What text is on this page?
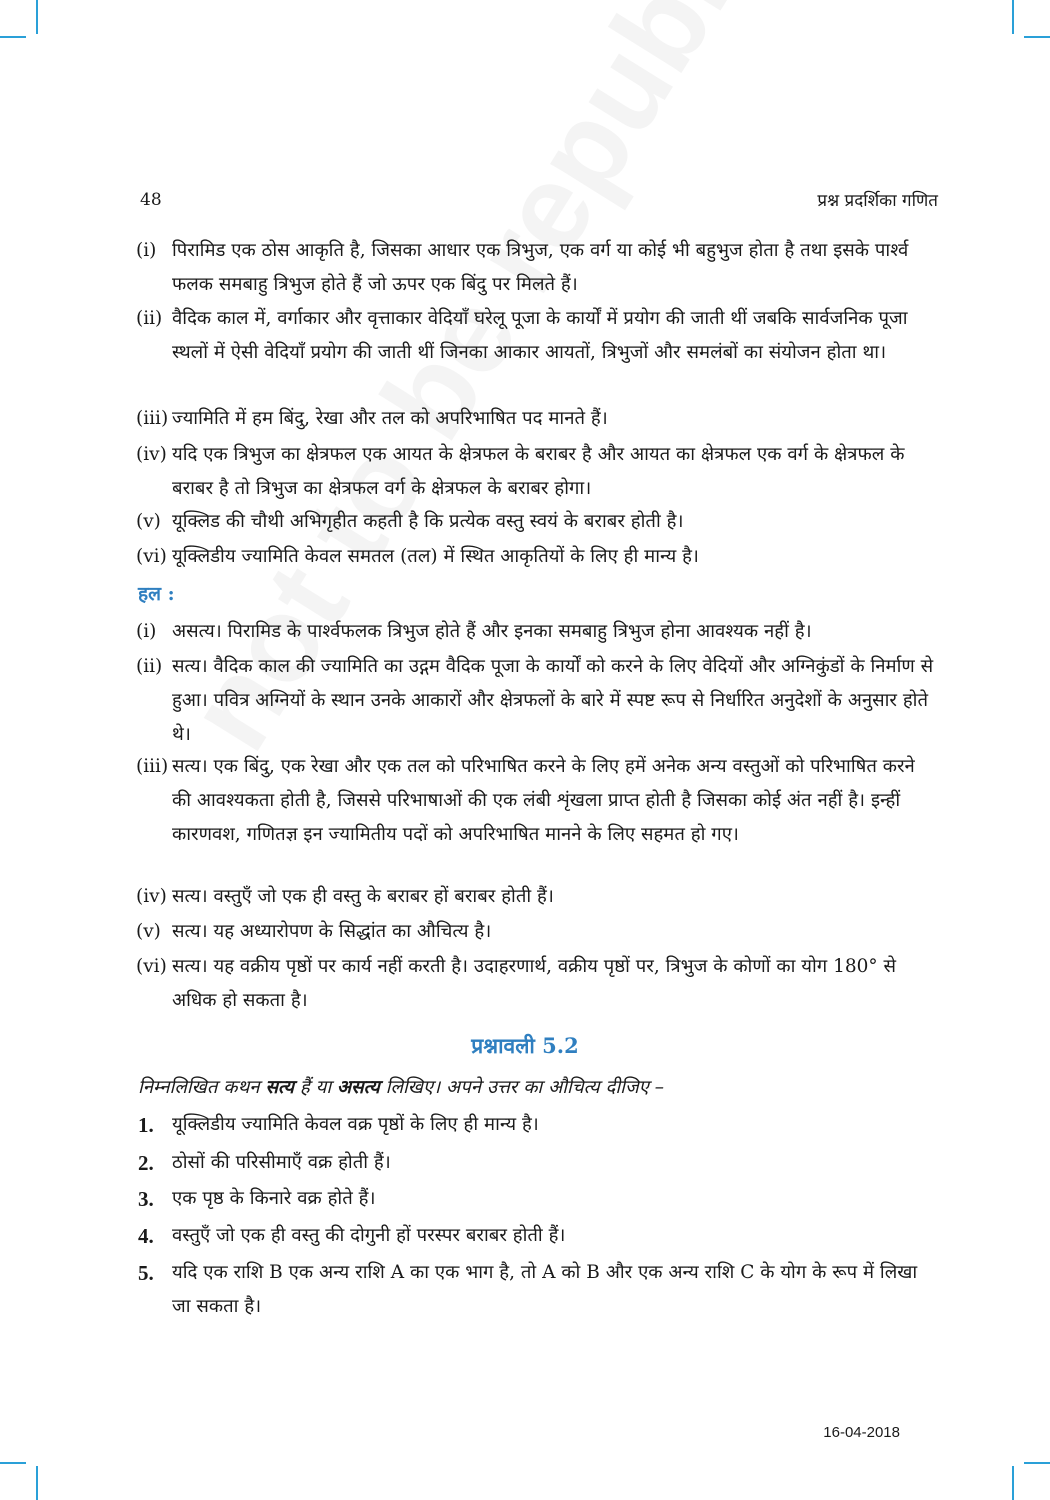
48	प्रश्न प्रदर्शिका गणित
(i) पिरामिड एक ठोस आकृति है, जिसका आधार एक त्रिभुज, एक वर्ग या कोई भी बहुभुज होता है तथा इसके पार्श्व फलक समबाहु त्रिभुज होते हैं जो ऊपर एक बिंदु पर मिलते हैं।
(ii) वैदिक काल में, वर्गाकार और वृत्ताकार वेदियाँ घरेलू पूजा के कार्यों में प्रयोग की जाती थीं जबकि सार्वजनिक पूजा स्थलों में ऐसी वेदियाँ प्रयोग की जाती थीं जिनका आकार आयतों, त्रिभुजों और समलंबों का संयोजन होता था।
(iii) ज्यामिति में हम बिंदु, रेखा और तल को अपरिभाषित पद मानते हैं।
(iv) यदि एक त्रिभुज का क्षेत्रफल एक आयत के क्षेत्रफल के बराबर है और आयत का क्षेत्रफल एक वर्ग के क्षेत्रफल के बराबर है तो त्रिभुज का क्षेत्रफल वर्ग के क्षेत्रफल के बराबर होगा।
(v) यूक्लिड की चौथी अभिगृहीत कहती है कि प्रत्येक वस्तु स्वयं के बराबर होती है।
(vi) यूक्लिडीय ज्यामिति केवल समतल (तल) में स्थित आकृतियों के लिए ही मान्य है।
हल :
(i) असत्य। पिरामिड के पार्श्वफलक त्रिभुज होते हैं और इनका समबाहु त्रिभुज होना आवश्यक नहीं है।
(ii) सत्य। वैदिक काल की ज्यामिति का उद्गम वैदिक पूजा के कार्यों को करने के लिए वेदियों और अग्निकुंडों के निर्माण से हुआ। पवित्र अग्नियों के स्थान उनके आकारों और क्षेत्रफलों के बारे में स्पष्ट रूप से निर्धारित अनुदेशों के अनुसार होते थे।
(iii) सत्य। एक बिंदु, एक रेखा और एक तल को परिभाषित करने के लिए हमें अनेक अन्य वस्तुओं को परिभाषित करने की आवश्यकता होती है, जिससे परिभाषाओं की एक लंबी शृंखला प्राप्त होती है जिसका कोई अंत नहीं है। इन्हीं कारणवश, गणितज्ञ इन ज्यामितीय पदों को अपरिभाषित मानने के लिए सहमत हो गए।
(iv) सत्य। वस्तुएँ जो एक ही वस्तु के बराबर हों बराबर होती हैं।
(v) सत्य। यह अध्यारोपण के सिद्धांत का औचित्य है।
(vi) सत्य। यह वक्रीय पृष्ठों पर कार्य नहीं करती है। उदाहरणार्थ, वक्रीय पृष्ठों पर, त्रिभुज के कोणों का योग 180° से अधिक हो सकता है।
प्रश्नावली 5.2
निम्नलिखित कथन सत्य हैं या असत्य लिखिए। अपने उत्तर का औचित्य दीजिए –
1. यूक्लिडीय ज्यामिति केवल वक्र पृष्ठों के लिए ही मान्य है।
2. ठोसों की परिसीमाएँ वक्र होती हैं।
3. एक पृष्ठ के किनारे वक्र होते हैं।
4. वस्तुएँ जो एक ही वस्तु की दोगुनी हों परस्पर बराबर होती हैं।
5. यदि एक राशि B एक अन्य राशि A का एक भाग है, तो A को B और एक अन्य राशि C के योग के रूप में लिखा जा सकता है।
16-04-2018
